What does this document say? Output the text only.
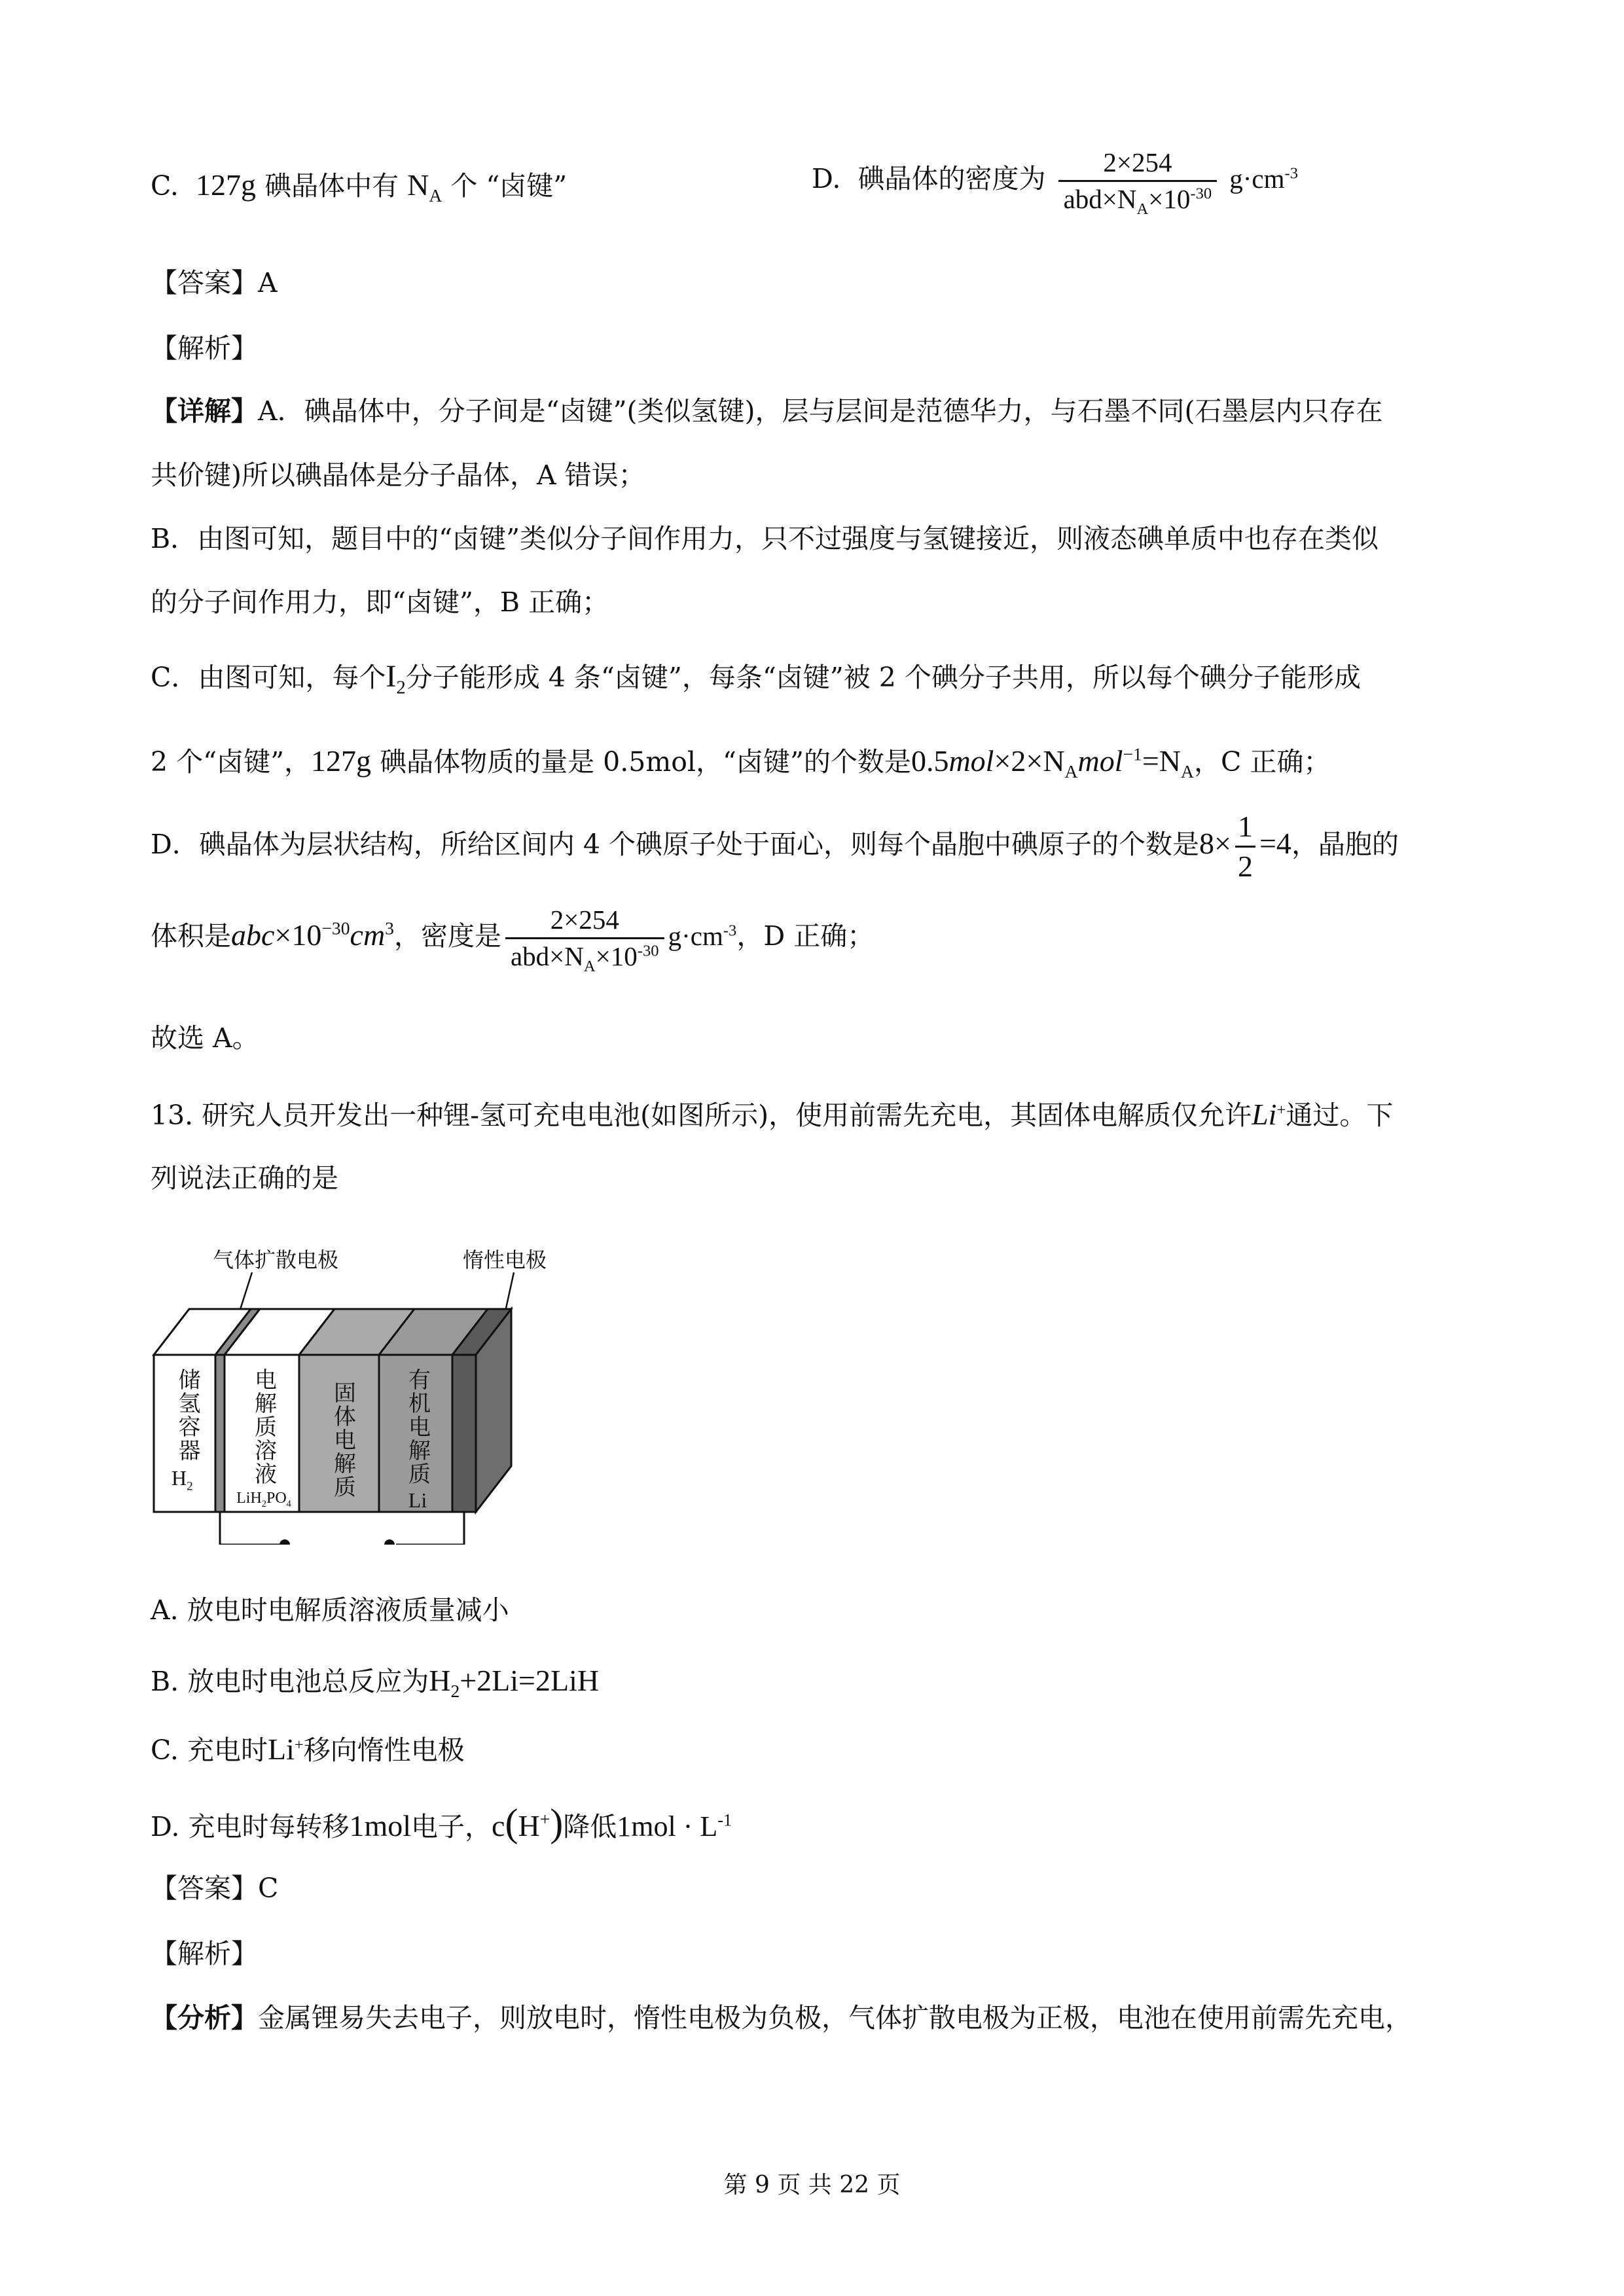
C. 127g 碘晶体中有 $N_A$ 个 “卤键”	D. 碘晶体的密度为 $\frac{2\times 254}{abd\times N_A\times 10^{-30}} g\cdot cm^{-3}$
【答案】A
【解析】
【详解】A．碘晶体中，分子间是“卤键”(类似氢键)，层与层间是范德华力，与石墨不同(石墨层内只存在
共价键)所以碘晶体是分子晶体，A 错误；
B．由图可知，题目中的“卤键”类似分子间作用力，只不过强度与氢键接近，则液态碘单质中也存在类似
的分子间作用力，即“卤键”，B 正确；
C．由图可知，每个$I_2$分子能形成 4 条“卤键”，每条“卤键”被 2 个碘分子共用，所以每个碘分子能形成
2 个“卤键”，127g 碘晶体物质的量是 0.5mol，“卤键”的个数是$0.5mol\times 2\times N_Amol^{-1}=N_A$，C 正确；
D．碘晶体为层状结构，所给区间内 4 个碘原子处于面心，则每个晶胞中碘原子的个数是$8\times \frac{1}{2} =4$，晶胞的
体积是$abc\times 10^{-30}cm^3$，密度是 $\frac{2\times 254}{abd\times N_A\times 10^{-30}} g\cdot cm^{-3}$，D 正确；
故选 A。
13. 研究人员开发出一种锂-氢可充电电池(如图所示)，使用前需先充电，其固体电解质仅允许Li+通过。下
列说法正确的是
气体扩散电极	惰性电极
储氢容器
$H_2$
电解质溶液
$LiH_2PO_4$
固体电解质 有机电解质
Li
A. 放电时电解质溶液质量减小
B. 放电时电池总反应为$H_2+2Li=2LiH$
C. 充电时Li+移向惰性电极
D. 充电时每转移1mol电子，c(H+)降低$1mol \cdot L^{-1}$
【答案】C
【解析】
【分析】金属锂易失去电子，则放电时，惰性电极为负极，气体扩散电极为正极，电池在使用前需先充电，
第 9 页 共 22 页
